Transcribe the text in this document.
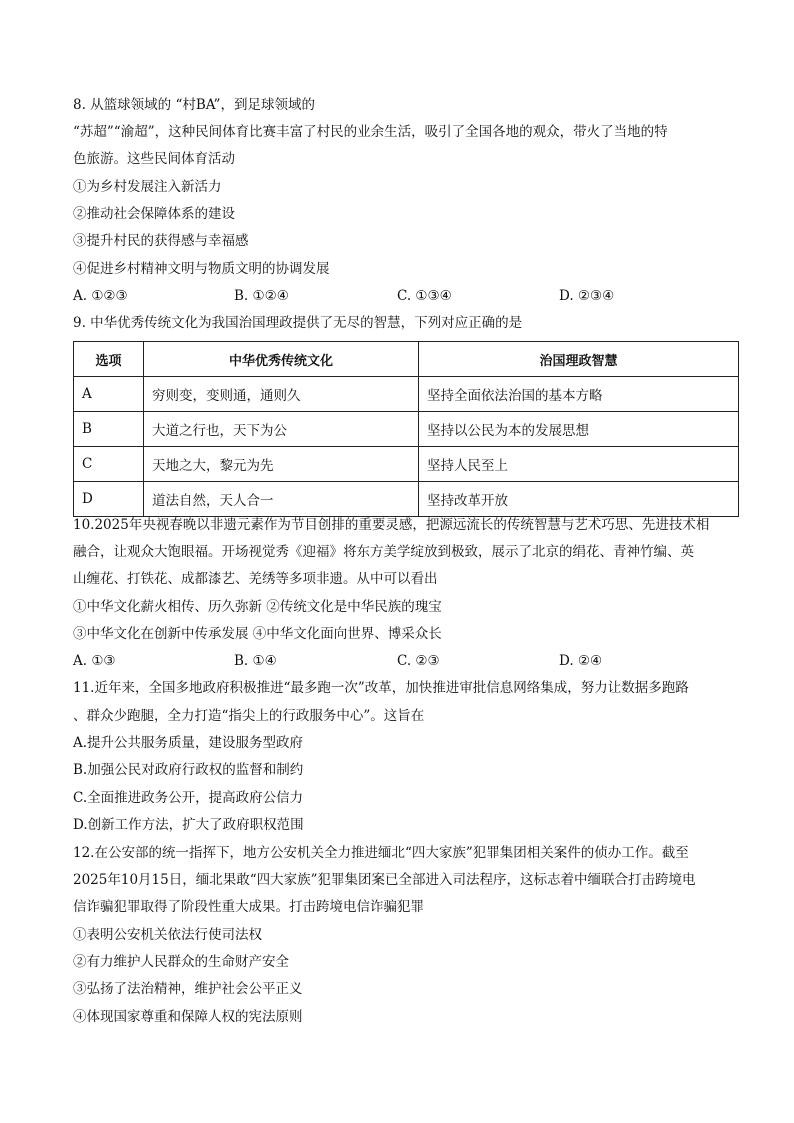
8. 从篮球领域的 “村BA”，到足球领域的
“苏超”“渝超”，这种民间体育比赛丰富了村民的业余生活，吸引了全国各地的观众，带火了当地的特
色旅游。这些民间体育活动
①为乡村发展注入新活力
②推动社会保障体系的建设
③提升村民的获得感与幸福感
④促进乡村精神文明与物质文明的协调发展
A. ①②③	B. ①②④	C. ①③④	D. ②③④
9. 中华优秀传统文化为我国治国理政提供了无尽的智慧，下列对应正确的是
选项	中华优秀传统文化	治国理政智慧
A	穷则变，变则通，通则久	坚持全面依法治国的基本方略
B	大道之行也，天下为公	坚持以公民为本的发展思想
C	天地之大，黎元为先	坚持人民至上
D	道法自然，天人合一	坚持改革开放
10.2025年央视春晚以非遗元素作为节目创排的重要灵感，把源远流长的传统智慧与艺术巧思、先进技术相
融合，让观众大饱眼福。开场视觉秀《迎福》将东方美学绽放到极致，展示了北京的绢花、青神竹编、英
山缠花、打铁花、成都漆艺、羌绣等多项非遗。从中可以看出
①中华文化薪火相传、历久弥新 ②传统文化是中华民族的瑰宝
③中华文化在创新中传承发展 ④中华文化面向世界、博采众长
A. ①③	B. ①④	C. ②③	D. ②④
11.近年来，全国多地政府积极推进“最多跑一次”改革，加快推进审批信息网络集成，努力让数据多跑路
、群众少跑腿，全力打造“指尖上的行政服务中心”。这旨在
A.提升公共服务质量，建设服务型政府
B.加强公民对政府行政权的监督和制约
C.全面推进政务公开，提高政府公信力
D.创新工作方法，扩大了政府职权范围
12.在公安部的统一指挥下，地方公安机关全力推进缅北“四大家族”犯罪集团相关案件的侦办工作。截至
2025年10月15日，缅北果敢“四大家族”犯罪集团案已全部进入司法程序，这标志着中缅联合打击跨境电
信诈骗犯罪取得了阶段性重大成果。打击跨境电信诈骗犯罪
①表明公安机关依法行使司法权
②有力维护人民群众的生命财产安全
③弘扬了法治精神，维护社会公平正义
④体现国家尊重和保障人权的宪法原则
